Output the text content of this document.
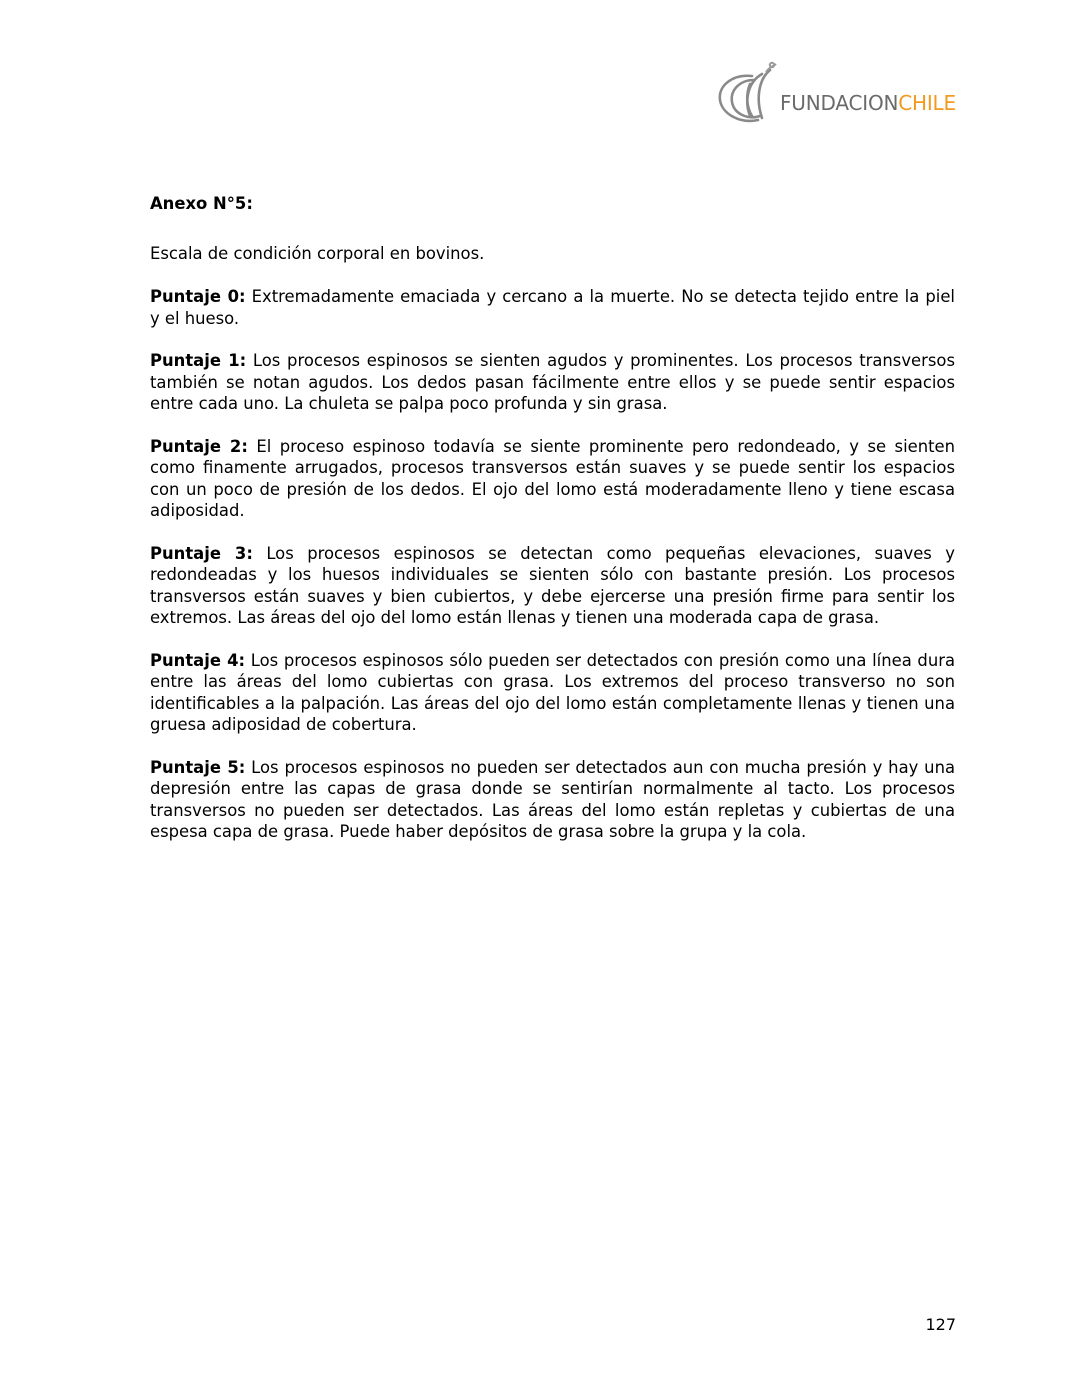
FUNDACIONCHILE

Anexo N°5:

Escala de condición corporal en bovinos.

Puntaje 0: Extremadamente emaciada y cercano a la muerte. No se detecta tejido entre la piel y el hueso.

Puntaje 1: Los procesos espinosos se sienten agudos y prominentes. Los procesos transversos también se notan agudos. Los dedos pasan fácilmente entre ellos y se puede sentir espacios entre cada uno. La chuleta se palpa poco profunda y sin grasa.

Puntaje 2: El proceso espinoso todavía se siente prominente pero redondeado, y se sienten como finamente arrugados, procesos transversos están suaves y se puede sentir los espacios con un poco de presión de los dedos. El ojo del lomo está moderadamente lleno y tiene escasa adiposidad.

Puntaje 3: Los procesos espinosos se detectan como pequeñas elevaciones, suaves y redondeadas y los huesos individuales se sienten sólo con bastante presión. Los procesos transversos están suaves y bien cubiertos, y debe ejercerse una presión firme para sentir los extremos. Las áreas del ojo del lomo están llenas y tienen una moderada capa de grasa.

Puntaje 4: Los procesos espinosos sólo pueden ser detectados con presión como una línea dura entre las áreas del lomo cubiertas con grasa. Los extremos del proceso transverso no son identificables a la palpación. Las áreas del ojo del lomo están completamente llenas y tienen una gruesa adiposidad de cobertura.

Puntaje 5: Los procesos espinosos no pueden ser detectados aun con mucha presión y hay una depresión entre las capas de grasa donde se sentirían normalmente al tacto. Los procesos transversos no pueden ser detectados. Las áreas del lomo están repletas y cubiertas de una espesa capa de grasa. Puede haber depósitos de grasa sobre la grupa y la cola.

127
